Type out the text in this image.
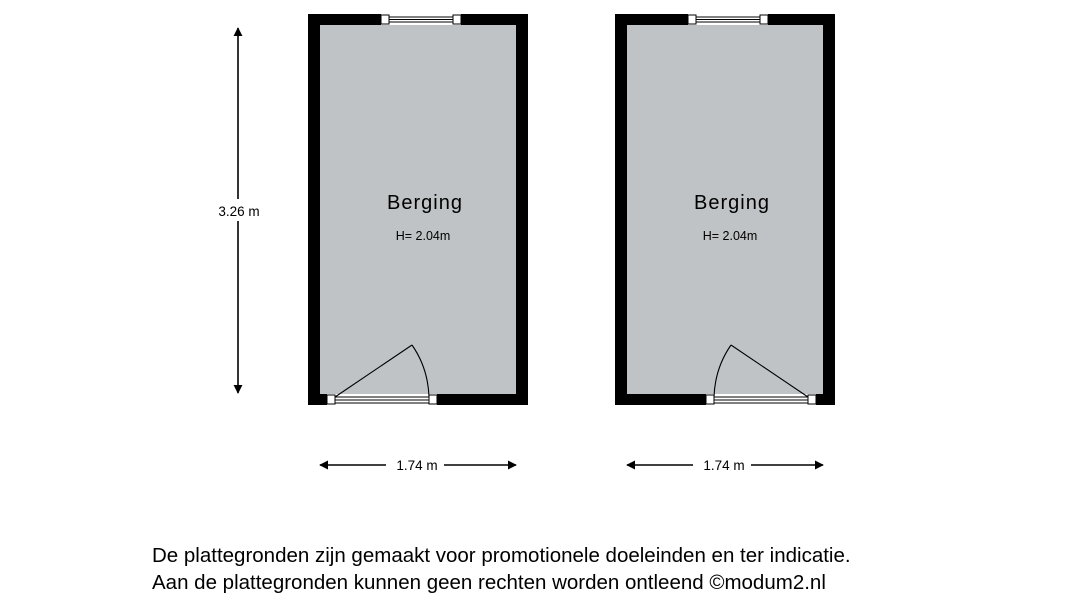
3.26 m	Berging
H= 2.04m
Berging
H= 2.04m
1.74 m	1.74 m
De plattegronden zijn gemaakt voor promotionele doeleinden en ter indicatie.
Aan de plattegronden kunnen geen rechten worden ontleend ©modum2.nl
